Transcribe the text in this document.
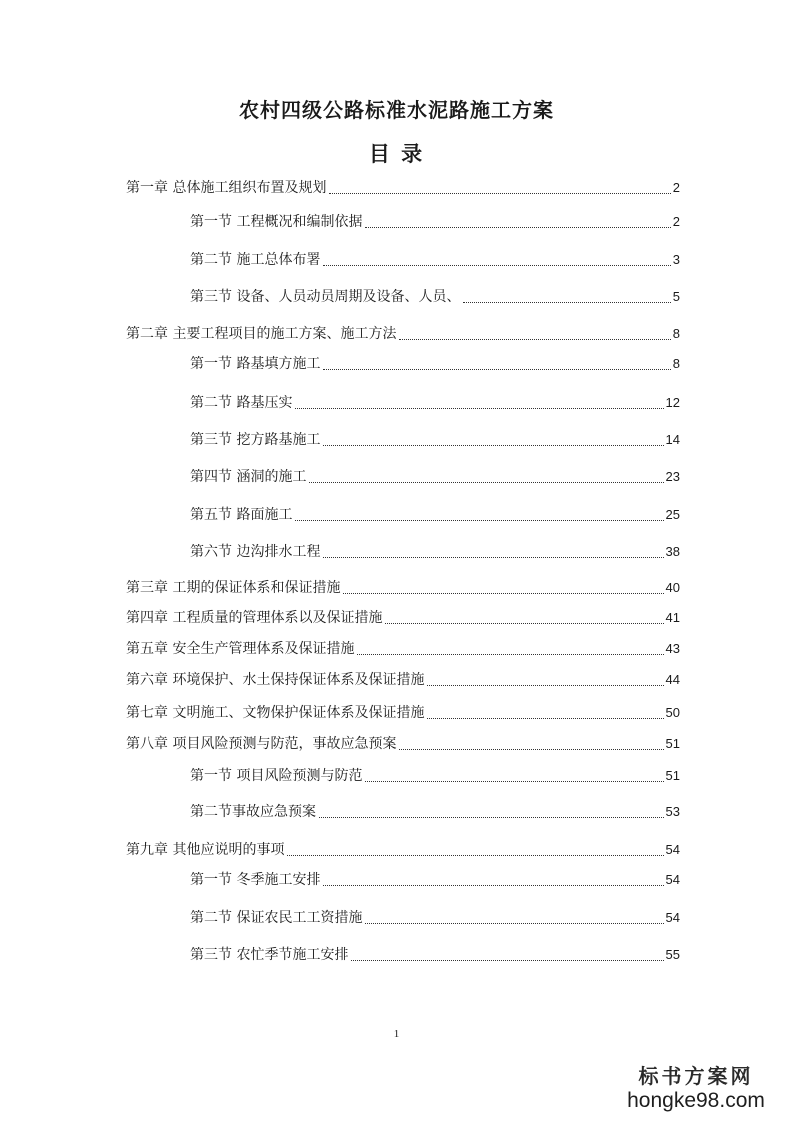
农村四级公路标准水泥路施工方案
目 录
第一章 总体施工组织布置及规划	2
第一节 工程概况和编制依据	2
第二节 施工总体布署	3
第三节 设备、人员动员周期及设备、人员、	5
第二章 主要工程项目的施工方案、施工方法	8
第一节 路基填方施工	8
第二节 路基压实	12
第三节 挖方路基施工	14
第四节 涵洞的施工	23
第五节 路面施工	25
第六节 边沟排水工程	38
第三章 工期的保证体系和保证措施	40
第四章 工程质量的管理体系以及保证措施	41
第五章 安全生产管理体系及保证措施	43
第六章 环境保护、水土保持保证体系及保证措施	44
第七章 文明施工、文物保护保证体系及保证措施	50
第八章 项目风险预测与防范，事故应急预案	51
第一节 项目风险预测与防范	51
第二节事故应急预案	53
第九章 其他应说明的事项	54
第一节 冬季施工安排	54
第二节 保证农民工工资措施	54
第三节 农忙季节施工安排	55
1
标书方案网
hongke98.com
